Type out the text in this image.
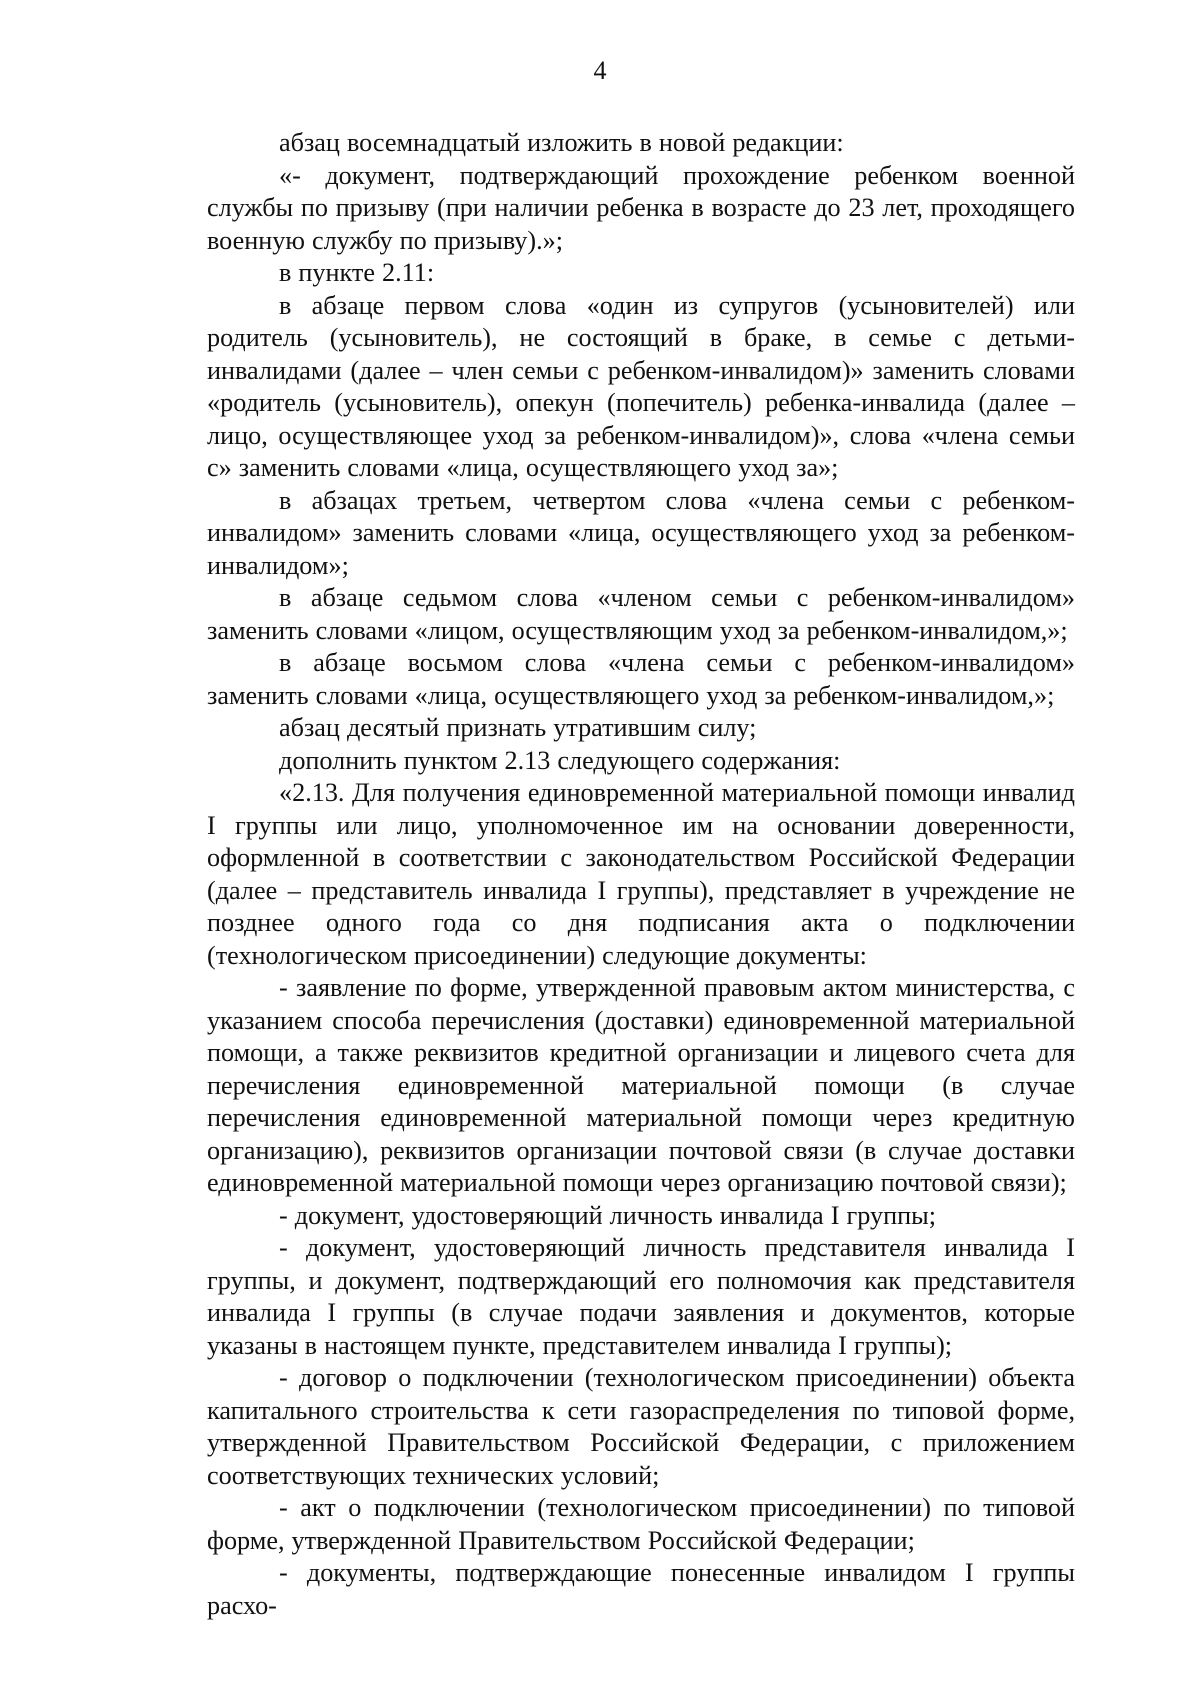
4

абзац восемнадцатый изложить в новой редакции:

«- документ, подтверждающий прохождение ребенком военной службы по призыву (при наличии ребенка в возрасте до 23 лет, проходящего военную службу по призыву).»;

в пункте 2.11:

в абзаце первом слова «один из супругов (усыновителей) или родитель (усыновитель), не состоящий в браке, в семье с детьми-инвалидами (далее – член семьи с ребенком-инвалидом)» заменить словами «родитель (усыновитель), опекун (попечитель) ребенка-инвалида (далее – лицо, осуществляющее уход за ребенком-инвалидом)», слова «члена семьи с» заменить словами «лица, осуществляющего уход за»;

в абзацах третьем, четвертом слова «члена семьи с ребенком-инвалидом» заменить словами «лица, осуществляющего уход за ребенком-инвалидом»;

в абзаце седьмом слова «членом семьи с ребенком-инвалидом» заменить словами «лицом, осуществляющим уход за ребенком-инвалидом,»;

в абзаце восьмом слова «члена семьи с ребенком-инвалидом» заменить словами «лица, осуществляющего уход за ребенком-инвалидом,»;

абзац десятый признать утратившим силу;

дополнить пунктом 2.13 следующего содержания:

«2.13. Для получения единовременной материальной помощи инвалид I группы или лицо, уполномоченное им на основании доверенности, оформленной в соответствии с законодательством Российской Федерации (далее – представитель инвалида I группы), представляет в учреждение не позднее одного года со дня подписания акта о подключении (технологическом присоединении) следующие документы:

- заявление по форме, утвержденной правовым актом министерства, с указанием способа перечисления (доставки) единовременной материальной помощи, а также реквизитов кредитной организации и лицевого счета для перечисления единовременной материальной помощи (в случае перечисления единовременной материальной помощи через кредитную организацию), реквизитов организации почтовой связи (в случае доставки единовременной материальной помощи через организацию почтовой связи);

- документ, удостоверяющий личность инвалида I группы;

- документ, удостоверяющий личность представителя инвалида I группы, и документ, подтверждающий его полномочия как представителя инвалида I группы (в случае подачи заявления и документов, которые указаны в настоящем пункте, представителем инвалида I группы);

- договор о подключении (технологическом присоединении) объекта капитального строительства к сети газораспределения по типовой форме, утвержденной Правительством Российской Федерации, с приложением соответствующих технических условий;

- акт о подключении (технологическом присоединении) по типовой форме, утвержденной Правительством Российской Федерации;

- документы, подтверждающие понесенные инвалидом I группы расхо-
